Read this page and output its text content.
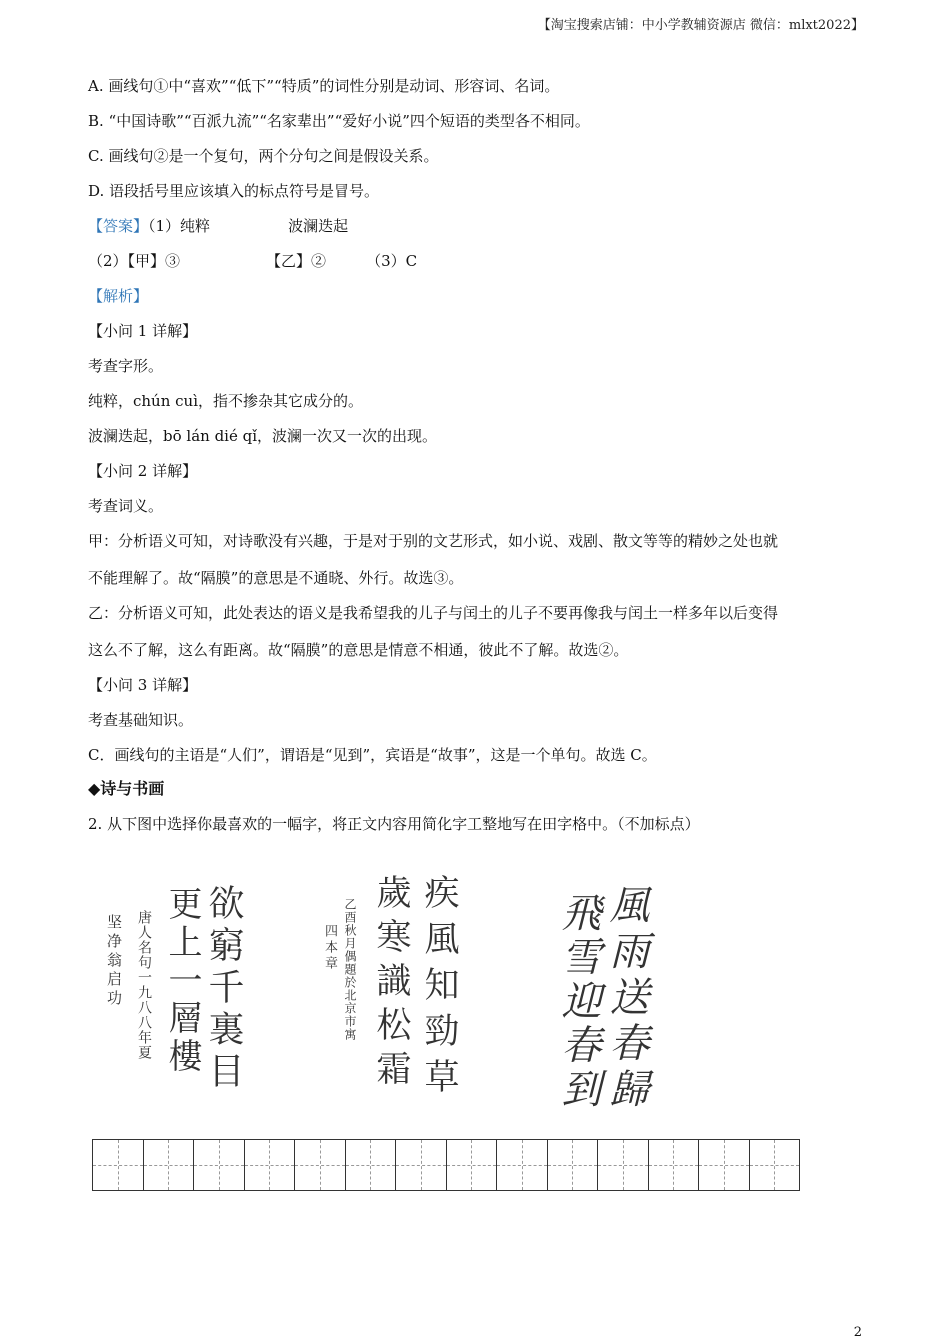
【淘宝搜索店铺：中小学教辅资源店 微信：mlxt2022】
A. 画线句①中“喜欢”“低下”“特质”的词性分别是动词、形容词、名词。
B. “中国诗歌”“百派九流”“名家辈出”“爱好小说”四个短语的类型各不相同。
C. 画线句②是一个复句，两个分句之间是假设关系。
D. 语段括号里应该填入的标点符号是冒号。
【答案】（1）纯粹	波澜迭起
（2）【甲】③	【乙】②	（3）C
【解析】
【小问 1 详解】
考查字形。
纯粹，chún cuì，指不掺杂其它成分的。
波澜迭起，bō lán dié qǐ，波澜一次又一次的出现。
【小问 2 详解】
考查词义。
甲：分析语义可知，对诗歌没有兴趣，于是对于别的文艺形式，如小说、戏剧、散文等等的精妙之处也就
不能理解了。故“隔膜”的意思是不通晓、外行。故选③。
乙：分析语义可知，此处表达的语义是我希望我的儿子与闰土的儿子不要再像我与闰土一样多年以后变得
这么不了解，这么有距离。故“隔膜”的意思是情意不相通，彼此不了解。故选②。
【小问 3 详解】
考查基础知识。
C．画线句的主语是“人们”，谓语是“见到”，宾语是“故事”，这是一个单句。故选 C。
◆诗与书画
2. 从下图中选择你最喜欢的一幅字，将正文内容用简化字工整地写在田字格中。（不加标点）
欲窮千裏目
更上一層樓
唐人名句一九八八年夏
坚净翁启功	疾風知勁草
歲寒識松霜
乙酉秋月偶題於北京市寓
四本章	風雨送春歸
飛雪迎春到
2
